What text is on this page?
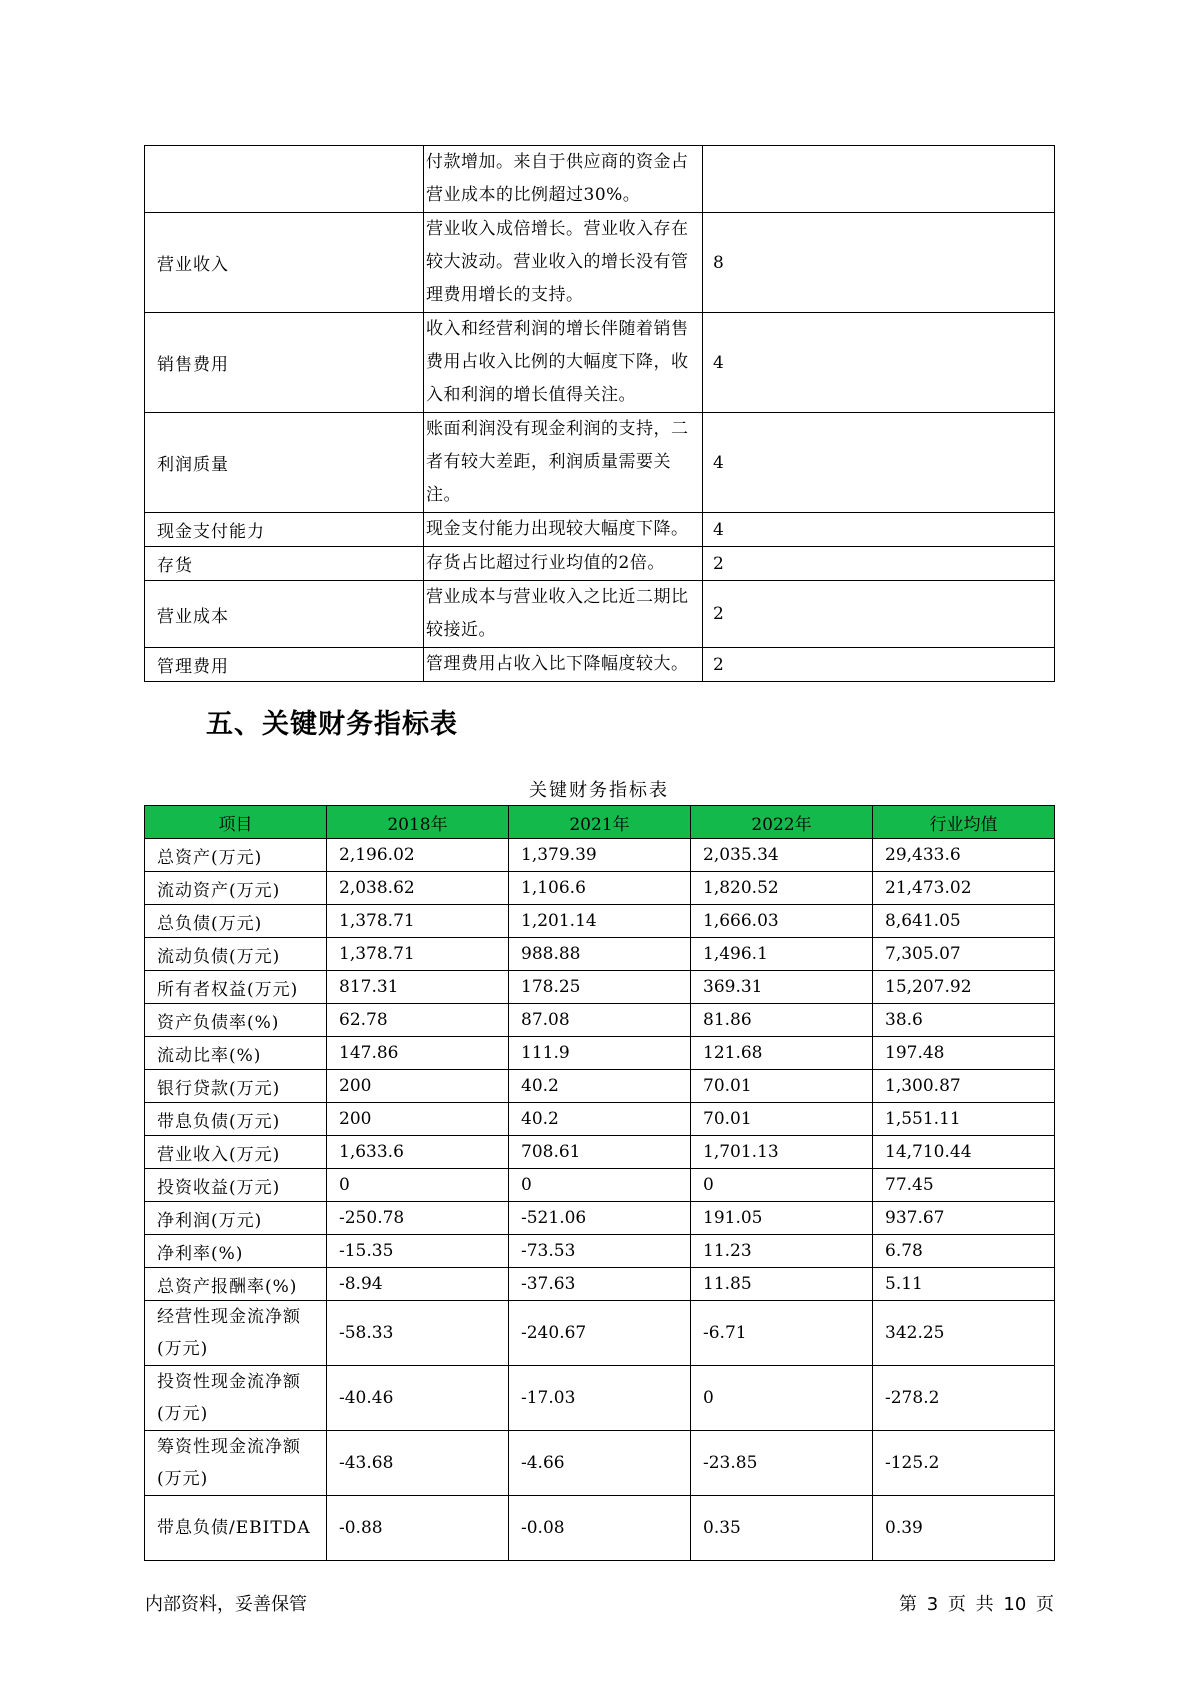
	付款增加。来自于供应商的资金占营业成本的比例超过30%。	
营业收入	营业收入成倍增长。营业收入存在较大波动。营业收入的增长没有管理费用增长的支持。	8
销售费用	收入和经营利润的增长伴随着销售费用占收入比例的大幅度下降，收入和利润的增长值得关注。	4
利润质量	账面利润没有现金利润的支持，二者有较大差距，利润质量需要关注。	4
现金支付能力	现金支付能力出现较大幅度下降。	4
存货	存货占比超过行业均值的2倍。	2
营业成本	营业成本与营业收入之比近二期比较接近。	2
管理费用	管理费用占收入比下降幅度较大。	2
五、关键财务指标表
关键财务指标表
项目	2018年	2021年	2022年	行业均值
总资产(万元)	2,196.02	1,379.39	2,035.34	29,433.6
流动资产(万元)	2,038.62	1,106.6	1,820.52	21,473.02
总负债(万元)	1,378.71	1,201.14	1,666.03	8,641.05
流动负债(万元)	1,378.71	988.88	1,496.1	7,305.07
所有者权益(万元)	817.31	178.25	369.31	15,207.92
资产负债率(%)	62.78	87.08	81.86	38.6
流动比率(%)	147.86	111.9	121.68	197.48
银行贷款(万元)	200	40.2	70.01	1,300.87
带息负债(万元)	200	40.2	70.01	1,551.11
营业收入(万元)	1,633.6	708.61	1,701.13	14,710.44
投资收益(万元)	0	0	0	77.45
净利润(万元)	-250.78	-521.06	191.05	937.67
净利率(%)	-15.35	-73.53	11.23	6.78
总资产报酬率(%)	-8.94	-37.63	11.85	5.11
经营性现金流净额(万元)	-58.33	-240.67	-6.71	342.25
投资性现金流净额(万元)	-40.46	-17.03	0	-278.2
筹资性现金流净额(万元)	-43.68	-4.66	-23.85	-125.2
带息负债/EBITDA	-0.88	-0.08	0.35	0.39
内部资料，妥善保管	第 3 页 共 10 页
